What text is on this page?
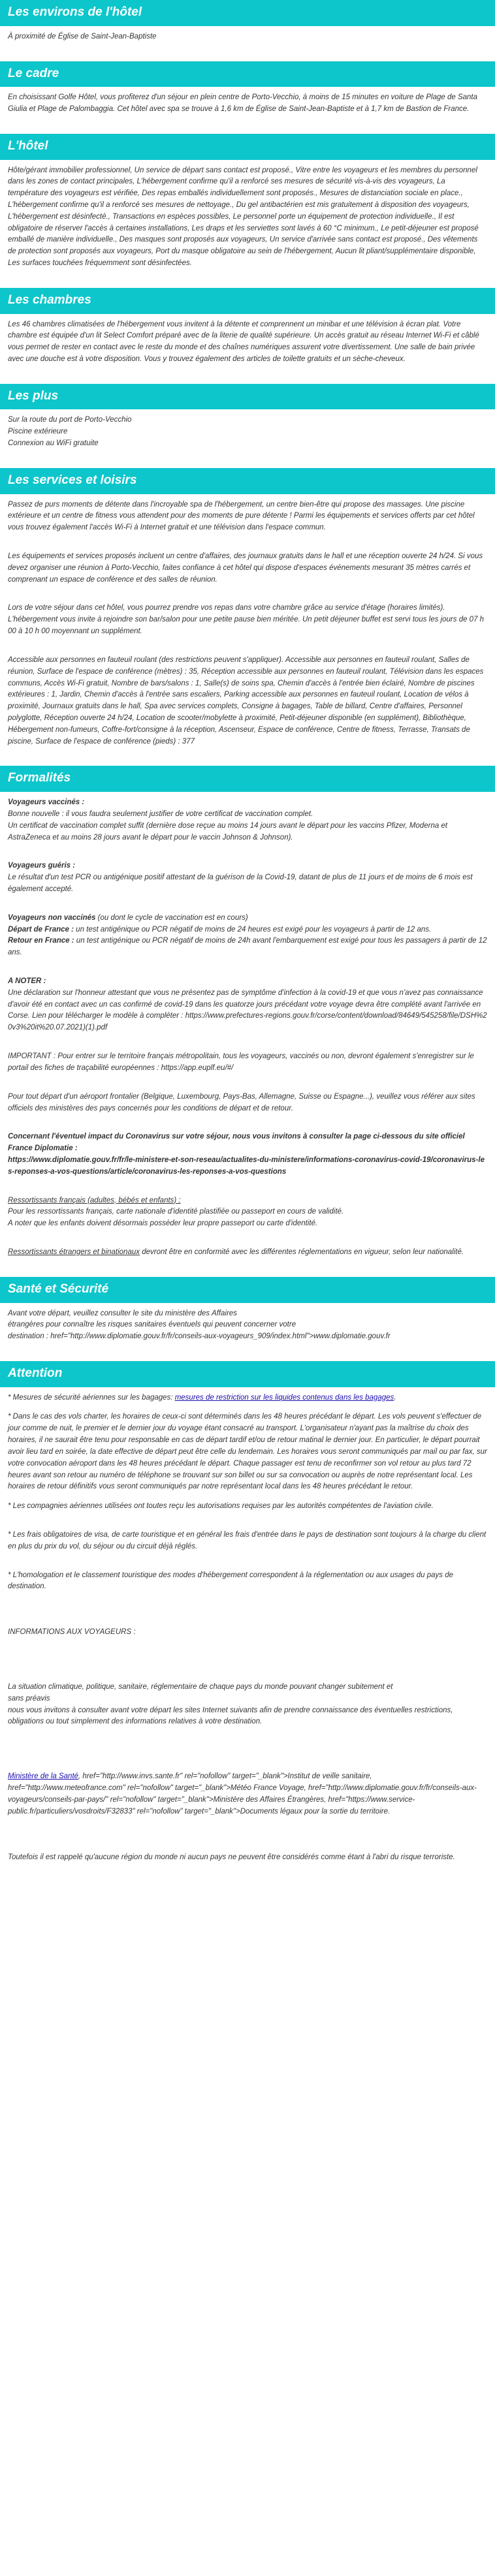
Les environs de l'hôtel

À proximité de Église de Saint-Jean-Baptiste

Le cadre

En choisissant Golfe Hôtel, vous profiterez d'un séjour en plein centre de Porto-Vecchio, à moins de 15 minutes en voiture de Plage de Santa Giulia et Plage de Palombaggia. Cet hôtel avec spa se trouve à 1,6 km de Église de Saint-Jean-Baptiste et à 1,7 km de Bastion de France.

L'hôtel

Hôte/gérant immobilier professionnel, Un service de départ sans contact est proposé., Vitre entre les voyageurs et les membres du personnel dans les zones de contact principales, L'hébergement confirme qu'il a renforcé ses mesures de sécurité vis-à-vis des voyageurs, La température des voyageurs est vérifiée, Des repas emballés individuellement sont proposés., Mesures de distanciation sociale en place., L'hébergement confirme qu'il a renforcé ses mesures de nettoyage., Du gel antibactérien est mis gratuitement à disposition des voyageurs, L'hébergement est désinfecté., Transactions en espèces possibles, Le personnel porte un équipement de protection individuelle., Il est obligatoire de réserver l'accès à certaines installations, Les draps et les serviettes sont lavés à 60 °C minimum., Le petit-déjeuner est proposé emballé de manière individuelle., Des masques sont proposés aux voyageurs, Un service d'arrivée sans contact est proposé., Des vêtements de protection sont proposés aux voyageurs, Port du masque obligatoire au sein de l'hébergement, Aucun lit pliant/supplémentaire disponible, Les surfaces touchées fréquemment sont désinfectées.

Les chambres

Les 46 chambres climatisées de l'hébergement vous invitent à la détente et comprennent un minibar et une télévision à écran plat. Votre chambre est équipée d'un lit Select Comfort préparé avec de la literie de qualité supérieure. Un accès gratuit au réseau Internet Wi-Fi et câblé vous permet de rester en contact avec le reste du monde et des chaînes numériques assurent votre divertissement. Une salle de bain privée avec une douche est à votre disposition. Vous y trouvez également des articles de toilette gratuits et un sèche-cheveux.

Les plus
Sur la route du port de Porto-Vecchio
Piscine extérieure
Connexion au WiFi gratuite
Les services et loisirs

Passez de purs moments de détente dans l'incroyable spa de l'hébergement, un centre bien-être qui propose des massages. Une piscine extérieure et un centre de fitness vous attendent pour des moments de pure détente ! Parmi les équipements et services offerts par cet hôtel vous trouvez également l'accès Wi-Fi à Internet gratuit et une télévision dans l'espace commun.

Les équipements et services proposés incluent un centre d'affaires, des journaux gratuits dans le hall et une réception ouverte 24 h/24. Si vous devez organiser une réunion à Porto-Vecchio, faites confiance à cet hôtel qui dispose d'espaces événements mesurant 35 mètres carrés et comprenant un espace de conférence et des salles de réunion.

Lors de votre séjour dans cet hôtel, vous pourrez prendre vos repas dans votre chambre grâce au service d'étage (horaires limités). L'hébergement vous invite à rejoindre son bar/salon pour une petite pause bien méritée. Un petit déjeuner buffet est servi tous les jours de 07 h 00 à 10 h 00 moyennant un supplément.

Accessible aux personnes en fauteuil roulant (des restrictions peuvent s'appliquer). Accessible aux personnes en fauteuil roulant, Salles de réunion, Surface de l'espace de conférence (mètres) : 35, Réception accessible aux personnes en fauteuil roulant, Télévision dans les espaces communs, Accès Wi-Fi gratuit, Nombre de bars/salons : 1, Salle(s) de soins spa, Chemin d'accès à l'entrée bien éclairé, Nombre de piscines extérieures : 1, Jardin, Chemin d'accès à l'entrée sans escaliers, Parking accessible aux personnes en fauteuil roulant, Location de vélos à proximité, Journaux gratuits dans le hall, Spa avec services complets, Consigne à bagages, Table de billard, Centre d'affaires, Personnel polyglotte, Réception ouverte 24 h/24, Location de scooter/mobylette à proximité, Petit-déjeuner disponible (en supplément), Bibliothèque, Hébergement non-fumeurs, Coffre-fort/consigne à la réception, Ascenseur, Espace de conférence, Centre de fitness, Terrasse, Transats de piscine, Surface de l'espace de conférence (pieds) : 377

Formalités

Voyageurs vaccinés :
Bonne nouvelle : il vous faudra seulement justifier de votre certificat de vaccination complet.
Un certificat de vaccination complet suffit (dernière dose reçue au moins 14 jours avant le départ pour les vaccins Pfizer, Moderna et AstraZeneca et au moins 28 jours avant le départ pour le vaccin Johnson & Johnson).

Voyageurs guéris :
Le résultat d'un test PCR ou antigénique positif attestant de la guérison de la Covid-19, datant de plus de 11 jours et de moins de 6 mois est également accepté.

Voyageurs non vaccinés (ou dont le cycle de vaccination est en cours)
Départ de France : un test antigénique ou PCR négatif de moins de 24 heures est exigé pour les voyageurs à partir de 12 ans.
Retour en France : un test antigénique ou PCR négatif de moins de 24h avant l'embarquement est exigé pour tous les passagers à partir de 12 ans.

A NOTER :
Une déclaration sur l'honneur attestant que vous ne présentez pas de symptôme d'infection à la covid-19 et que vous n'avez pas connaissance d'avoir été en contact avec un cas confirmé de covid-19 dans les quatorze jours précédant votre voyage devra être complété avant l'arrivée en Corse. Lien pour télécharger le modèle à compléter : https://www.prefectures-regions.gouv.fr/corse/content/download/84649/545258/file/DSH%20v3%20it%20.07.2021)(1).pdf

IMPORTANT : Pour entrer sur le territoire français métropolitain, tous les voyageurs, vaccinés ou non, devront également s'enregistrer sur le portail des fiches de traçabilité européennes : https://app.euplf.eu/#/

Pour tout départ d'un aéroport frontalier (Belgique, Luxembourg, Pays-Bas, Allemagne, Suisse ou Espagne...), veuillez vous référer aux sites officiels des ministères des pays concernés pour les conditions de départ et de retour.

Concernant l'éventuel impact du Coronavirus sur votre séjour, nous vous invitons à consulter la page ci-dessous du site officiel France Diplomatie :
https://www.diplomatie.gouv.fr/fr/le-ministere-et-son-reseau/actualites-du-ministere/informations-coronavirus-covid-19/coronavirus-les-reponses-a-vos-questions/article/coronavirus-les-reponses-a-vos-questions

Ressortissants français (adultes, bébés et enfants) :
Pour les ressortissants français, carte nationale d'identité plastifiée ou passeport en cours de validité.
A noter que les enfants doivent désormais posséder leur propre passeport ou carte d'identité.

Ressortissants étrangers et binationaux devront être en conformité avec les différentes réglementations en vigueur, selon leur nationalité.

Santé et Sécurité

Avant votre départ, veuillez consulter le site du ministère des Affaires
étrangères pour connaître les risques sanitaires éventuels qui peuvent concerner votre
destination : href="http://www.diplomatie.gouv.fr/fr/conseils-aux-voyageurs_909/index.html">www.diplomatie.gouv.fr

Attention

* Mesures de sécurité aériennes sur les bagages: mesures de restriction sur les liquides contenus dans les bagages.

* Dans le cas des vols charter, les horaires de ceux-ci sont déterminés dans les 48 heures précédant le départ. Les vols peuvent s'effectuer de jour comme de nuit, le premier et le dernier jour du voyage étant consacré au transport. L'organisateur n'ayant pas la maîtrise du choix des horaires, il ne saurait être tenu pour responsable en cas de départ tardif et/ou de retour matinal le dernier jour. En particulier, le départ pourrait avoir lieu tard en soirée, la date effective de départ peut être celle du lendemain. Les horaires vous seront communiqués par mail ou par fax, sur votre convocation aéroport dans les 48 heures précédant le départ. Chaque passager est tenu de reconfirmer son vol retour au plus tard 72 heures avant son retour au numéro de téléphone se trouvant sur son billet ou sur sa convocation ou auprès de notre représentant local. Les horaires de retour définitifs vous seront communiqués par notre représentant local dans les 48 heures précédant le retour.

* Les compagnies aériennes utilisées ont toutes reçu les autorisations requises par les autorités compétentes de l'aviation civile.

* Les frais obligatoires de visa, de carte touristique et en général les frais d'entrée dans le pays de destination sont toujours à la charge du client en plus du prix du vol, du séjour ou du circuit déjà réglés.

* L'homologation et le classement touristique des modes d'hébergement correspondent à la réglementation ou aux usages du pays de destination.

INFORMATIONS AUX VOYAGEURS :

La situation climatique, politique, sanitaire, réglementaire de chaque pays du monde pouvant changer subitement et
sans préavis
nous vous invitons à consulter avant votre départ les sites Internet suivants afin de prendre connaissance des éventuelles restrictions, obligations ou tout simplement des informations relatives à votre destination.

Ministère de la Santé, href="http://www.invs.sante.fr" rel="nofollow" target="_blank">Institut de veille sanitaire, href="http://www.meteofrance.com" rel="nofollow" target="_blank">Météo France Voyage, href="http://www.diplomatie.gouv.fr/fr/conseils-aux-voyageurs/conseils-par-pays/" rel="nofollow" target="_blank">Ministère des Affaires Étrangères, href="https://www.service-public.fr/particuliers/vosdroits/F32833" rel="nofollow" target="_blank">Documents légaux pour la sortie du territoire.

Toutefois il est rappelé qu'aucune région du monde ni aucun pays ne peuvent être considérés comme étant à l'abri du risque terroriste.
